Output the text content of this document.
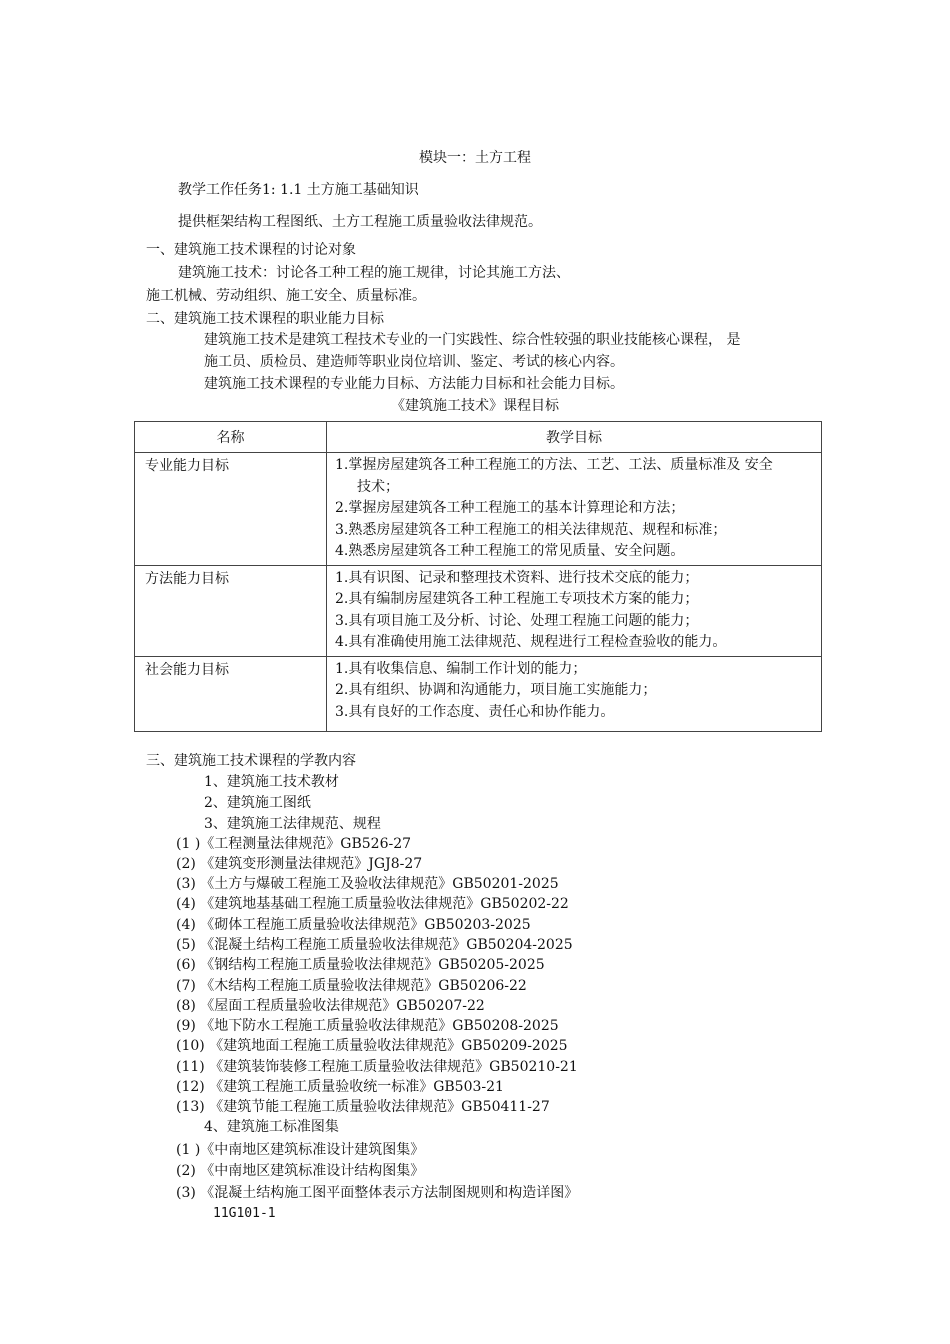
模块一：土方工程
教学工作任务1: 1.1 土方施工基础知识
提供框架结构工程图纸、土方工程施工质量验收法律规范。
一、建筑施工技术课程的讨论对象
建筑施工技术：讨论各工种工程的施工规律，讨论其施工方法、
施工机械、劳动组织、施工安全、质量标准。
二、建筑施工技术课程的职业能力目标
建筑施工技术是建筑工程技术专业的一门实践性、综合性较强的职业技能核心课程， 是
施工员、质检员、建造师等职业岗位培训、鉴定、考试的核心内容。
建筑施工技术课程的专业能力目标、方法能力目标和社会能力目标。
《建筑施工技术》课程目标
名称	教学目标
专业能力目标	1.掌握房屋建筑各工种工程施工的方法、工艺、工法、质量标准及 安全
技术；
2.掌握房屋建筑各工种工程施工的基本计算理论和方法；
3.熟悉房屋建筑各工种工程施工的相关法律规范、规程和标准；
4.熟悉房屋建筑各工种工程施工的常见质量、安全问题。

方法能力目标	1.具有识图、记录和整理技术资料、进行技术交底的能力；
2.具有编制房屋建筑各工种工程施工专项技术方案的能力；
3.具有项目施工及分析、讨论、处理工程施工问题的能力；
4.具有准确使用施工法律规范、规程进行工程检查验收的能力。

社会能力目标	1.具有收集信息、编制工作计划的能力；
2.具有组织、协调和沟通能力，项目施工实施能力；
3.具有良好的工作态度、责任心和协作能力。
三、建筑施工技术课程的学教内容
1、建筑施工技术教材
2、建筑施工图纸
3、建筑施工法律规范、规程
(1 )《工程测量法律规范》GB526-27
(2) 《建筑变形测量法律规范》JGJ8-27
(3) 《土方与爆破工程施工及验收法律规范》GB50201-2025
(4) 《建筑地基基础工程施工质量验收法律规范》GB50202-22
(4) 《砌体工程施工质量验收法律规范》GB50203-2025
(5) 《混凝土结构工程施工质量验收法律规范》GB50204-2025
(6) 《钢结构工程施工质量验收法律规范》GB50205-2025
(7) 《木结构工程施工质量验收法律规范》GB50206-22
(8) 《屋面工程质量验收法律规范》GB50207-22
(9) 《地下防水工程施工质量验收法律规范》GB50208-2025
(10) 《建筑地面工程施工质量验收法律规范》GB50209-2025
(11) 《建筑装饰装修工程施工质量验收法律规范》GB50210-21
(12) 《建筑工程施工质量验收统一标准》GB503-21
(13) 《建筑节能工程施工质量验收法律规范》GB50411-27
4、建筑施工标准图集
(1 )《中南地区建筑标准设计建筑图集》
(2) 《中南地区建筑标准设计结构图集》
(3) 《混凝土结构施工图平面整体表示方法制图规则和构造详图》
11G101-1
